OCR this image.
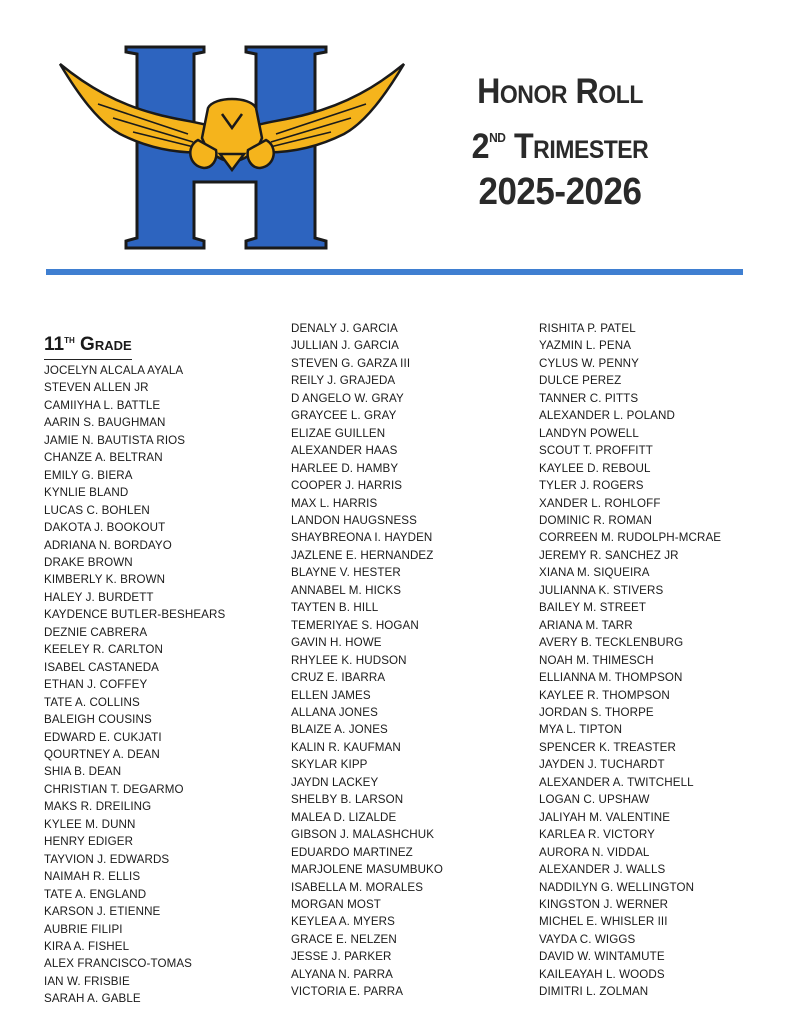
Honor Roll
2nd Trimester
2025-2026
11th Grade
JOCELYN ALCALA AYALA
STEVEN ALLEN JR
CAMIIYHA L. BATTLE
AARIN S. BAUGHMAN
JAMIE N. BAUTISTA RIOS
CHANZE A. BELTRAN
EMILY G. BIERA
KYNLIE BLAND
LUCAS C. BOHLEN
DAKOTA J. BOOKOUT
ADRIANA N. BORDAYO
DRAKE BROWN
KIMBERLY K. BROWN
HALEY J. BURDETT
KAYDENCE BUTLER-BESHEARS
DEZNIE CABRERA
KEELEY R. CARLTON
ISABEL CASTANEDA
ETHAN J. COFFEY
TATE A. COLLINS
BALEIGH COUSINS
EDWARD E. CUKJATI
QOURTNEY A. DEAN
SHIA B. DEAN
CHRISTIAN T. DEGARMO
MAKS R. DREILING
KYLEE M. DUNN
HENRY EDIGER
TAYVION J. EDWARDS
NAIMAH R. ELLIS
TATE A. ENGLAND
KARSON J. ETIENNE
AUBRIE FILIPI
KIRA A. FISHEL
ALEX FRANCISCO-TOMAS
IAN W. FRISBIE
SARAH A. GABLE
DENALY J. GARCIA
JULLIAN J. GARCIA
STEVEN G. GARZA III
REILY J. GRAJEDA
D ANGELO W. GRAY
GRAYCEE L. GRAY
ELIZAE GUILLEN
ALEXANDER HAAS
HARLEE D. HAMBY
COOPER J. HARRIS
MAX L. HARRIS
LANDON HAUGSNESS
SHAYBREONA I. HAYDEN
JAZLENE E. HERNANDEZ
BLAYNE V. HESTER
ANNABEL M. HICKS
TAYTEN B. HILL
TEMERIYAE S. HOGAN
GAVIN H. HOWE
RHYLEE K. HUDSON
CRUZ E. IBARRA
ELLEN JAMES
ALLANA JONES
BLAIZE A. JONES
KALIN R. KAUFMAN
SKYLAR KIPP
JAYDN LACKEY
SHELBY B. LARSON
MALEA D. LIZALDE
GIBSON J. MALASHCHUK
EDUARDO MARTINEZ
MARJOLENE MASUMBUKO
ISABELLA M. MORALES
MORGAN MOST
KEYLEA A. MYERS
GRACE E. NELZEN
JESSE J. PARKER
ALYANA N. PARRA
VICTORIA E. PARRA
RISHITA P. PATEL
YAZMIN L. PENA
CYLUS W. PENNY
DULCE PEREZ
TANNER C. PITTS
ALEXANDER L. POLAND
LANDYN POWELL
SCOUT T. PROFFITT
KAYLEE D. REBOUL
TYLER J. ROGERS
XANDER L. ROHLOFF
DOMINIC R. ROMAN
CORREEN M. RUDOLPH-MCRAE
JEREMY R. SANCHEZ JR
XIANA M. SIQUEIRA
JULIANNA K. STIVERS
BAILEY M. STREET
ARIANA M. TARR
AVERY B. TECKLENBURG
NOAH M. THIMESCH
ELLIANNA M. THOMPSON
KAYLEE R. THOMPSON
JORDAN S. THORPE
MYA L. TIPTON
SPENCER K. TREASTER
JAYDEN J. TUCHARDT
ALEXANDER A. TWITCHELL
LOGAN C. UPSHAW
JALIYAH M. VALENTINE
KARLEA R. VICTORY
AURORA N. VIDDAL
ALEXANDER J. WALLS
NADDILYN G. WELLINGTON
KINGSTON J. WERNER
MICHEL E. WHISLER III
VAYDA C. WIGGS
DAVID W. WINTAMUTE
KAILEAYAH L. WOODS
DIMITRI L. ZOLMAN
